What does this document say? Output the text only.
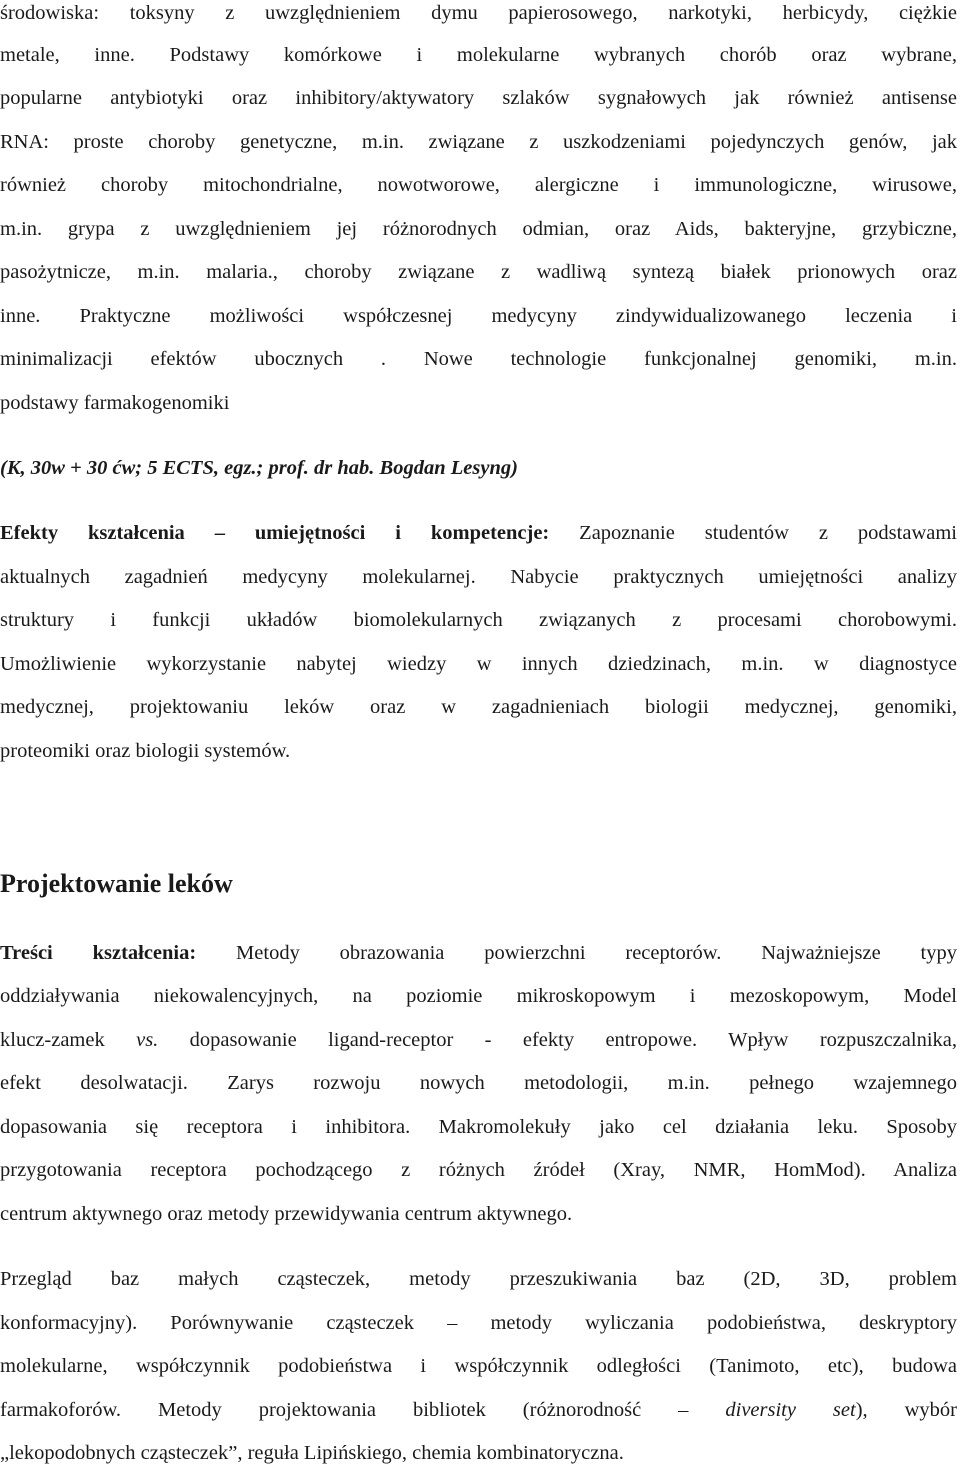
środowiska: toksyny z uwzględnieniem dymu papierosowego, narkotyki, herbicydy, ciężkie
metale, inne. Podstawy komórkowe i molekularne wybranych chorób oraz wybrane,
popularne antybiotyki oraz inhibitory/aktywatory szlaków sygnałowych jak również antisense
RNA: proste choroby genetyczne, m.in. związane z uszkodzeniami pojedynczych genów, jak
również choroby mitochondrialne, nowotworowe, alergiczne i immunologiczne, wirusowe,
m.in. grypa z uwzględnieniem jej różnorodnych odmian, oraz Aids, bakteryjne, grzybiczne,
pasożytnicze, m.in. malaria., choroby związane z wadliwą syntezą białek prionowych oraz
inne. Praktyczne możliwości współczesnej medycyny zindywidualizowanego leczenia i
minimalizacji efektów ubocznych . Nowe technologie funkcjonalnej genomiki, m.in.
podstawy farmakogenomiki
(K, 30w + 30 ćw; 5 ECTS, egz.; prof. dr hab. Bogdan Lesyng)
Efekty kształcenia – umiejętności i kompetencje: Zapoznanie studentów z podstawami
aktualnych zagadnień medycyny molekularnej. Nabycie praktycznych umiejętności analizy
struktury i funkcji układów biomolekularnych związanych z procesami chorobowymi.
Umożliwienie wykorzystanie nabytej wiedzy w innych dziedzinach, m.in. w diagnostyce
medycznej, projektowaniu leków oraz w zagadnieniach biologii medycznej, genomiki,
proteomiki oraz biologii systemów.
Projektowanie leków
Treści kształcenia: Metody obrazowania powierzchni receptorów. Najważniejsze typy
oddziaływania niekowalencyjnych, na poziomie mikroskopowym i mezoskopowym, Model
klucz-zamek vs. dopasowanie ligand-receptor - efekty entropowe. Wpływ rozpuszczalnika,
efekt desolwatacji. Zarys rozwoju nowych metodologii, m.in. pełnego wzajemnego
dopasowania się receptora i inhibitora. Makromolekuły jako cel działania leku. Sposoby
przygotowania receptora pochodzącego z różnych źródeł (Xray, NMR, HomMod). Analiza
centrum aktywnego oraz metody przewidywania centrum aktywnego.
Przegląd baz małych cząsteczek, metody przeszukiwania baz (2D, 3D, problem
konformacyjny). Porównywanie cząsteczek – metody wyliczania podobieństwa, deskryptory
molekularne, współczynnik podobieństwa i współczynnik odległości (Tanimoto, etc), budowa
farmakoforów. Metody projektowania bibliotek (różnorodność – diversity set), wybór
„lekopodobnych cząsteczek”, reguła Lipińskiego, chemia kombinatoryczna.
